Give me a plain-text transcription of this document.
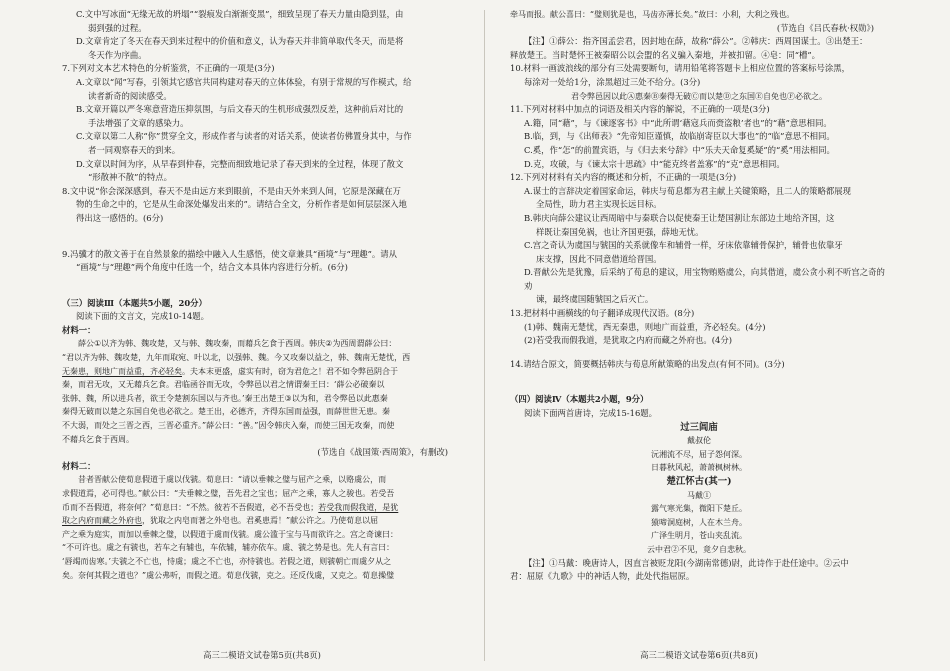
C.文中写冰面“无缘无故的坍塌”“裂痕发白渐渐变黑”，细致呈现了春天力量由隐到显，由

弱到强的过程。

D.文章肯定了冬天在春天到来过程中的价值和意义，认为春天并非简单取代冬天，而是将

冬天作为序曲。

7.下列对文本艺术特色的分析鉴赏，不正确的一项是(3分)

A.文章以“闻”写春，引领其它感官共同构建对春天的立体体验，有别于常规的写作模式，给

读者新奇的阅读感受。

B.文章开篇以严冬寒意营造压抑氛围，与后文春天的生机形成强烈反差，这种前后对比的

手法增强了文章的感染力。

C.文章以第二人称“你”贯穿全文，形成作者与读者的对话关系，使读者仿佛置身其中，与作

者一同观察春天的到来。

D.文章以时间为序，从早春到仲春，完整而细致地记录了春天到来的全过程，体现了散文

“形散神不散”的特点。

8.文中说“你会深深感到，春天不是由远方来到眼前，不是由天外来到人间，它原是深藏在万

物的生命之中的，它是从生命深处爆发出来的”。请结合全文，分析作者是如何层层深入地

得出这一感悟的。(6分)

9.冯骥才的散文善于在自然景象的描绘中融入人生感悟，使文章兼具“画境”与“理趣”。请从

“画境”与“理趣”两个角度中任选一个，结合文本具体内容进行分析。(6分)

（三）阅读Ⅲ（本题共5小题，20分）

阅读下面的文言文，完成10-14题。

材料一：

薛公①以齐为韩、魏攻楚，又与韩、魏攻秦，而藉兵乞食于西周。韩庆②为西周谓薛公曰：

“君以齐为韩、魏攻楚，九年而取宛、叶以北，以强韩、魏。今又攻秦以益之，韩、魏南无楚忧，西

无秦患，则地广而益重，齐必轻矣。夫本末更盛，虚实有时，窃为君危之！君不如令弊邑阴合于

秦，而君无攻，又无藉兵乞食。君临函谷而无攻，令弊邑以君之情谓秦王曰：‘薛公必破秦以

张韩、魏，所以进兵者，欲王令楚割东国以与齐也。’秦王出楚王③以为和，君令弊邑以此惠秦

秦得无破而以楚之东国自免也必欲之。楚王出，必德齐，齐得东国而益强，而薛世世无患。秦

不大弱，而处之三晋之西，三晋必重齐。”薛公曰：“善。”因令韩庆入秦，而使三国无攻秦，而使

不藉兵乞食于西周。

(节选自《战国策·西周策》，有删改)

材料二：

昔者晋献公使荀息假道于虞以伐虢。荀息曰：“请以垂棘之璧与屈产之乘，以赂虞公，而

求假道焉，必可得也。”献公曰：“夫垂棘之璧，吾先君之宝也；屈产之乘，寡人之骏也。若受吾

币而不吾假道，将奈何？”荀息曰：“不然。彼若不吾假道，必不吾受也；若受我而假我道，是犹

取之内府而藏之外府也，犹取之内皂而著之外皂也。君奚患焉！”献公许之。乃使荀息以屈

产之乘为庭实，而加以垂棘之璧，以假道于虞而伐虢。虞公滥于宝与马而欲许之。宫之奇谏曰：

“不可许也。虞之有虢也，若车之有辅也，车依辅，辅亦依车。虞、虢之势是也。先人有言曰：

‘唇竭而齿寒。’夫虢之不亡也，恃虞；虞之不亡也，亦恃虢也。若假之道，则虢朝亡而虞夕从之

矣。奈何其假之道也？”虞公弗听，而假之道。荀息伐虢，克之。还反伐虞，又克之。荀息操璧

高三二模语文试卷第5页(共8页)

牵马而报。献公喜曰：“璧则犹是也，马齿亦薄长矣。”故曰：小利，大利之残也。

(节选自《吕氏春秋·权勋》)

【注】①薛公：指齐国孟尝君，因封地在薛，故称“薛公”。②韩庆：西周国谋士。③出楚王：

释放楚王。当时楚怀王被秦昭公以会盟的名义骗入秦地，并被扣留。④皂：同“槽”。

10.材料一画波浪线的部分有三处需要断句，请用铅笔将答题卡上相应位置的答案标号涂黑，

每涂对一处给1分，涂黑超过三处不给分。(3分)

君令弊邑因以此Ⓐ惠秦Ⓑ秦得无破Ⓒ而以楚Ⓓ之东国Ⓔ自免也Ⓕ必欲之。

11.下列对材料中加点的词语及相关内容的解说，不正确的一项是(3分)

A.籍，同“藉”，与《谏逐客书》中“此所谓‘藉寇兵而赍盗粮’者也”的“藉”意思相同。

B.临，到，与《出师表》“先帝知臣谨慎，故临崩寄臣以大事也”的“临”意思不相同。

C.奚，作“怎”的前置宾语，与《归去来兮辞》中“乐夫天命复奚疑”的“奚”用法相同。

D.克，攻破，与《谏太宗十思疏》中“能克终者盖寡”的“克”意思相同。

12.下列对材料有关内容的概述和分析，不正确的一项是(3分)

A.谋士的言辞决定着国家命运，韩庆与荀息都为君主献上关键策略，且二人的策略都展现

全局性，助力君主实现长远目标。

B.韩庆向薛公建议让西周暗中与秦联合以促使秦王让楚国割让东部边土地给齐国，这

样既让秦国免祸，也让齐国更强，薛地无忧。

C.宫之奇认为虞国与虢国的关系就像车和辅骨一样，牙床依靠辅骨保护，辅骨也依靠牙

床支撑，因此不同意借道给晋国。

D.晋献公先是犹豫，后采纳了荀息的建议，用宝物贿赂虞公，向其借道，虞公贪小利不听宫之奇的劝

谏，最终虞国随虢国之后灭亡。

13.把材料中画横线的句子翻译成现代汉语。(8分)

(1)韩、魏南无楚忧，西无秦患，则地广而益重，齐必轻矣。(4分)

(2)若受我而假我道，是犹取之内府而藏之外府也。(4分)

14.请结合原文，简要概括韩庆与荀息所献策略的出发点(有何不同)。(3分)

（四）阅读Ⅳ（本题共2小题，9分）

阅读下面两首唐诗，完成15-16题。

过三闾庙

戴叔伦

沅湘流不尽，屈子怨何深。

日暮秋风起，萧萧枫树林。

楚江怀古(其一)

马戴①

露气寒光集，微阳下楚丘。

猿啼洞庭树，人在木兰舟。

广泽生明月，苍山夹乱流。

云中君②不见，竟夕自悲秋。

【注】①马戴：晚唐诗人，因直言被贬龙阳(今湖南常德)尉，此诗作于赴任途中。②云中

君：屈原《九歌》中的神话人物，此处代指屈原。

高三二模语文试卷第6页(共8页)
